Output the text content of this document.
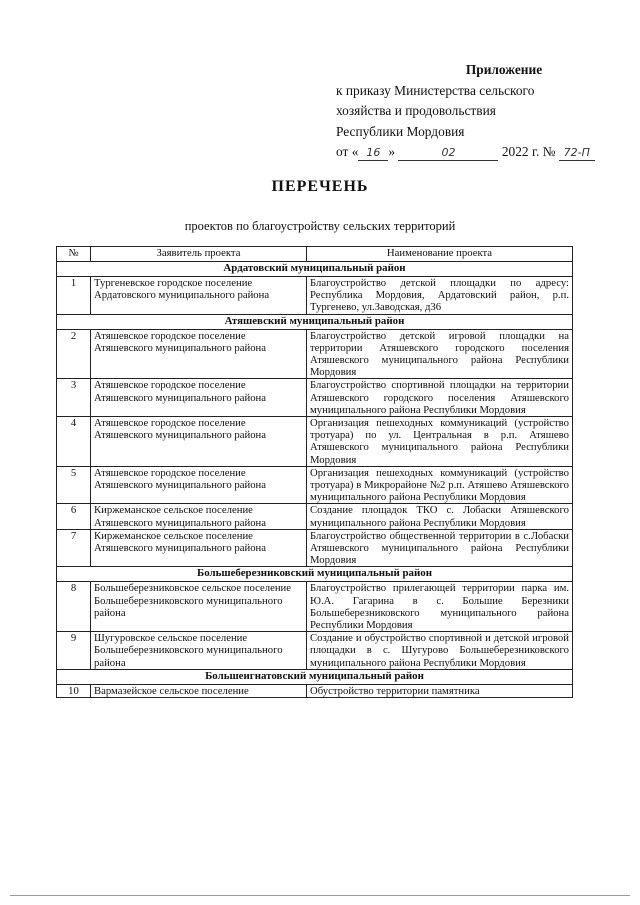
Приложение
к приказу Министерства сельского
хозяйства и продовольствия
Республики Мордовия
от « 16 »	02	2022 г. № 72-П
ПЕРЕЧЕНЬ
проектов по благоустройству сельских территорий
№	Заявитель проекта	Наименование проекта
Ардатовский муниципальный район		
1	Тургеневское городское поселение Ардатовского муниципального района	Благоустройство детской площадки по адресу: Республика Мордовия, Ардатовский район, р.п. Тургенево, ул.Заводская, д36
Атяшевский муниципальный район		
2	Атяшевское городское поселение Атяшевского муниципального района	Благоустройство детской игровой площадки на территории Атяшевского городского поселения Атяшевского муниципального района Республики Мордовия
3	Атяшевское городское поселение Атяшевского муниципального района	Благоустройство спортивной площадки на территории Атяшевского городского поселения Атяшевского муниципального района Республики Мордовия
4	Атяшевское городское поселение Атяшевского муниципального района	Организация пешеходных коммуникаций (устройство тротуара) по ул. Центральная в р.п. Атяшево Атяшевского муниципального района Республики Мордовия
5	Атяшевское городское поселение Атяшевского муниципального района	Организация пешеходных коммуникаций (устройство тротуара) в Микрорайоне №2 р.п. Атяшево Атяшевского муниципального района Республики Мордовия
6	Киржеманское сельское поселение Атяшевского муниципального района	Создание площадок ТКО с. Лобаски Атяшевского муниципального района Республики Мордовия
7	Киржеманское сельское поселение Атяшевского муниципального района	Благоустройство общественной территории в с.Лобаски Атяшевского муниципального района Республики Мордовия
Большеберезниковский муниципальный район		
8	Большеберезниковское сельское поселение Большеберезниковского муниципального района	Благоустройство прилегающей территории парка им. Ю.А. Гагарина в с. Большие Березники Большеберезниковского муниципального района Республики Мордовия
9	Шугуровское сельское поселение Большеберезниковского муниципального района	Создание и обустройство спортивной и детской игровой площадки в с. Шугурово Большеберезниковского муниципального района Республики Мордовия
Большеигнатовский муниципальный район		
10	Вармазейское сельское поселение	Обустройство территории памятника
